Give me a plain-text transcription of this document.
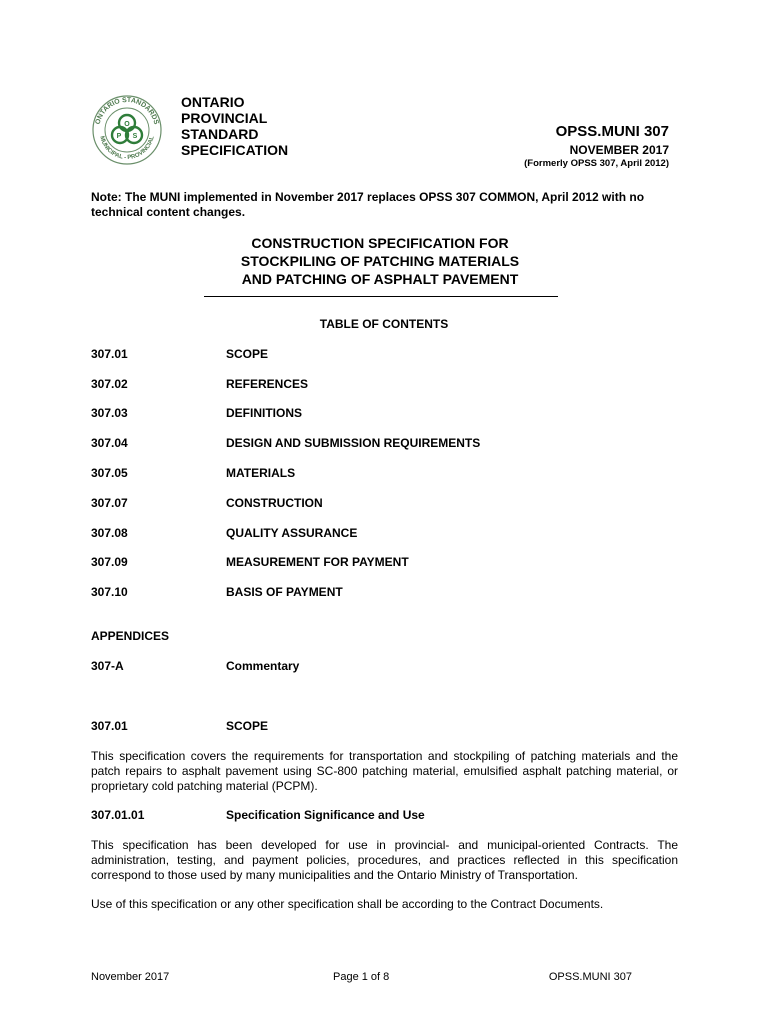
ONTARIO STANDARDS
MUNICIPAL - PROVINCIAL
O
P S
ONTARIO
PROVINCIAL
STANDARD
SPECIFICATION
OPSS.MUNI 307
NOVEMBER 2017
(Formerly OPSS 307, April 2012)
Note: The MUNI implemented in November 2017 replaces OPSS 307 COMMON, April 2012 with no technical content changes.
CONSTRUCTION SPECIFICATION FOR
STOCKPILING OF PATCHING MATERIALS
AND PATCHING OF ASPHALT PAVEMENT
TABLE OF CONTENTS
307.01	SCOPE
307.02	REFERENCES
307.03	DEFINITIONS
307.04	DESIGN AND SUBMISSION REQUIREMENTS
307.05	MATERIALS
307.07	CONSTRUCTION
307.08	QUALITY ASSURANCE
307.09	MEASUREMENT FOR PAYMENT
307.10	BASIS OF PAYMENT
APPENDICES
307-A	Commentary
307.01	SCOPE
This specification covers the requirements for transportation and stockpiling of patching materials and the patch repairs to asphalt pavement using SC-800 patching material, emulsified asphalt patching material, or proprietary cold patching material (PCPM).
307.01.01	Specification Significance and Use
This specification has been developed for use in provincial- and municipal-oriented Contracts. The administration, testing, and payment policies, procedures, and practices reflected in this specification correspond to those used by many municipalities and the Ontario Ministry of Transportation.
Use of this specification or any other specification shall be according to the Contract Documents.
November 2017	Page 1 of 8	OPSS.MUNI 307
